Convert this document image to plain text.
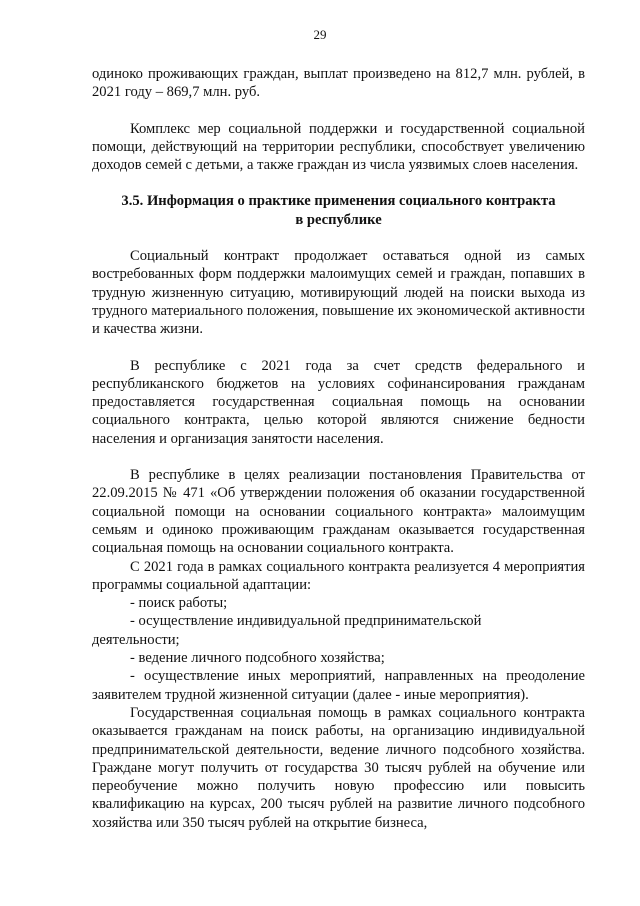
29

одиноко проживающих граждан, выплат произведено на 812,7 млн. рублей, в 2021 году – 869,7 млн. руб.

Комплекс мер социальной поддержки и государственной социальной помощи, действующий на территории республики, способствует увеличению доходов семей с детьми, а также граждан из числа уязвимых слоев населения.

3.5. Информация о практике применения социального контракта
в республике

Социальный контракт продолжает оставаться одной из самых востребованных форм поддержки малоимущих семей и граждан, попавших в трудную жизненную ситуацию, мотивирующий людей на поиски выхода из трудного материального положения, повышение их экономической активности и качества жизни.

В республике с 2021 года за счет средств федерального и республиканского бюджетов на условиях софинансирования гражданам предоставляется государственная социальная помощь на основании социального контракта, целью которой являются снижение бедности населения и организация занятости населения.

В республике в целях реализации постановления Правительства от 22.09.2015 № 471 «Об утверждении положения об оказании государственной социальной помощи на основании социального контракта» малоимущим семьям и одиноко проживающим гражданам оказывается государственная социальная помощь на основании социального контракта.

С 2021 года в рамках социального контракта реализуется 4 мероприятия программы социальной адаптации:

- поиск работы;
- осуществление индивидуальной предпринимательской
деятельности;
- ведение личного подсобного хозяйства;
- осуществление иных мероприятий, направленных на преодоление заявителем трудной жизненной ситуации (далее - иные мероприятия).

Государственная социальная помощь в рамках социального контракта оказывается гражданам на поиск работы, на организацию индивидуальной предпринимательской деятельности, ведение личного подсобного хозяйства. Граждане могут получить от государства 30 тысяч рублей на обучение или переобучение можно получить новую профессию или повысить квалификацию на курсах, 200 тысяч рублей на развитие личного подсобного хозяйства или 350 тысяч рублей на открытие бизнеса,
